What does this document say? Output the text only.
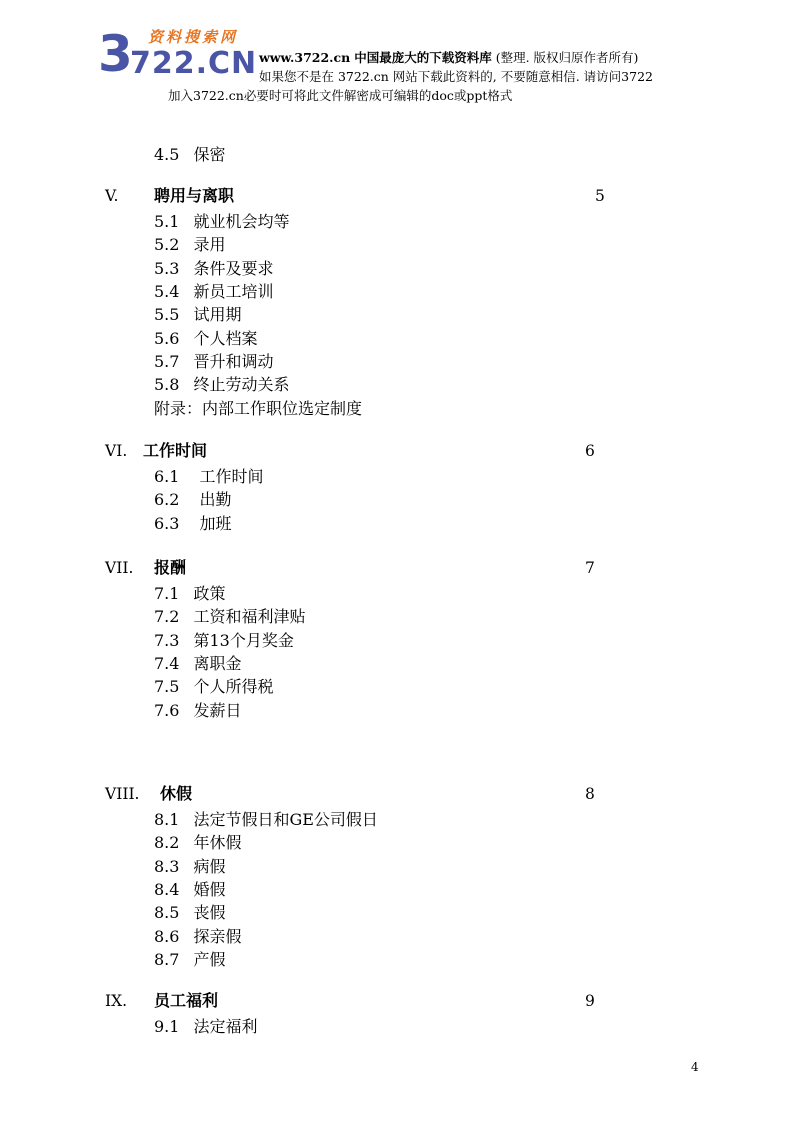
3 资料搜索网
722.CN www.3722.cn 中国最庞大的下载资料库 (整理. 版权归原作者所有)
如果您不是在 3722.cn 网站下载此资料的, 不要随意相信. 请访问3722
加入3722.cn必要时可将此文件解密成可编辑的doc或ppt格式
4.5 保密
V. 聘用与离职	5
5.1 就业机会均等
5.2 录用
5.3 条件及要求
5.4 新员工培训
5.5 试用期
5.6 个人档案
5.7 晋升和调动
5.8 终止劳动关系
附录：内部工作职位选定制度
VI. 工作时间	6
6.1 工作时间
6.2 出勤
6.3 加班
VII. 报酬	7
7.1 政策
7.2 工资和福利津贴
7.3 第13个月奖金
7.4 离职金
7.5 个人所得税
7.6 发薪日
VIII. 休假	8
8.1 法定节假日和GE公司假日
8.2 年休假
8.3 病假
8.4 婚假
8.5 丧假
8.6 探亲假
8.7 产假
IX. 员工福利	9
9.1 法定福利
4
